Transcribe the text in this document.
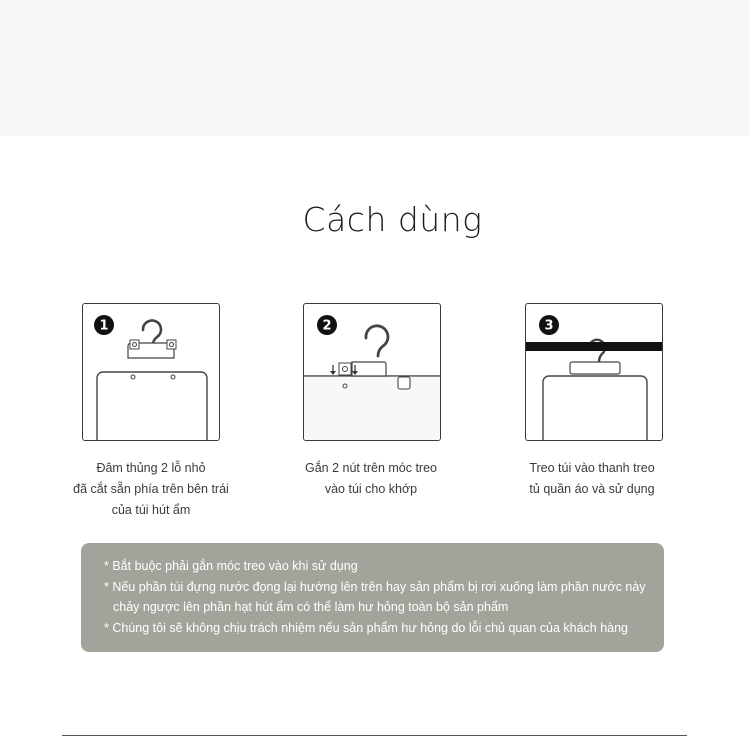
Cách dùng
1	2	3
Đâm thủng 2 lỗ nhỏ
đã cắt sẵn phía trên bên trái
của túi hút ẩm
Gắn 2 nút trên móc treo
vào túi cho khớp
Treo túi vào thanh treo
tủ quần áo và sử dụng
* Bắt buộc phải gắn móc treo vào khi sử dụng
* Nếu phần túi đựng nước đọng lại hướng lên trên hay sản phẩm bị rơi xuống làm phần nước này
chảy ngược lên phần hạt hút ẩm có thể làm hư hỏng toàn bộ sản phẩm
* Chúng tôi sẽ không chịu trách nhiệm nếu sản phẩm hư hỏng do lỗi chủ quan của khách hàng
